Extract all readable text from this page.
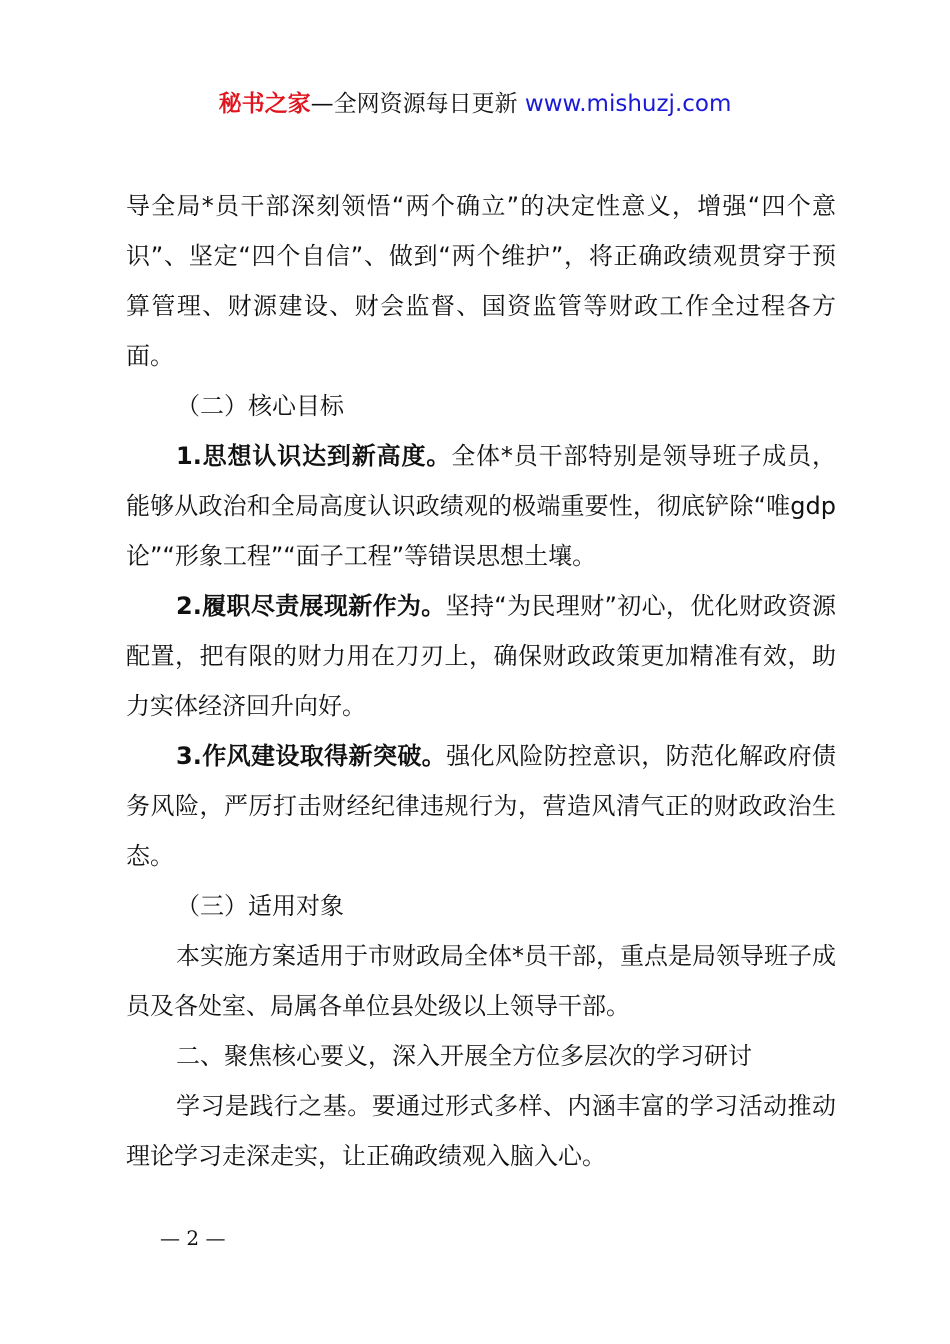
秘书之家—全网资源每日更新 www.mishuzj.com

导全局*员干部深刻领悟“两个确立”的决定性意义，增强“四个意识”、坚定“四个自信”、做到“两个维护”，将正确政绩观贯穿于预算管理、财源建设、财会监督、国资监管等财政工作全过程各方面。

（二）核心目标

1.思想认识达到新高度。全体*员干部特别是领导班子成员，能够从政治和全局高度认识政绩观的极端重要性，彻底铲除“唯gdp论”“形象工程”“面子工程”等错误思想土壤。

2.履职尽责展现新作为。坚持“为民理财”初心，优化财政资源配置，把有限的财力用在刀刃上，确保财政政策更加精准有效，助力实体经济回升向好。

3.作风建设取得新突破。强化风险防控意识，防范化解政府债务风险，严厉打击财经纪律违规行为，营造风清气正的财政政治生态。

（三）适用对象

本实施方案适用于市财政局全体*员干部，重点是局领导班子成员及各处室、局属各单位县处级以上领导干部。

二、聚焦核心要义，深入开展全方位多层次的学习研讨

学习是践行之基。要通过形式多样、内涵丰富的学习活动推动理论学习走深走实，让正确政绩观入脑入心。

— 2 —
